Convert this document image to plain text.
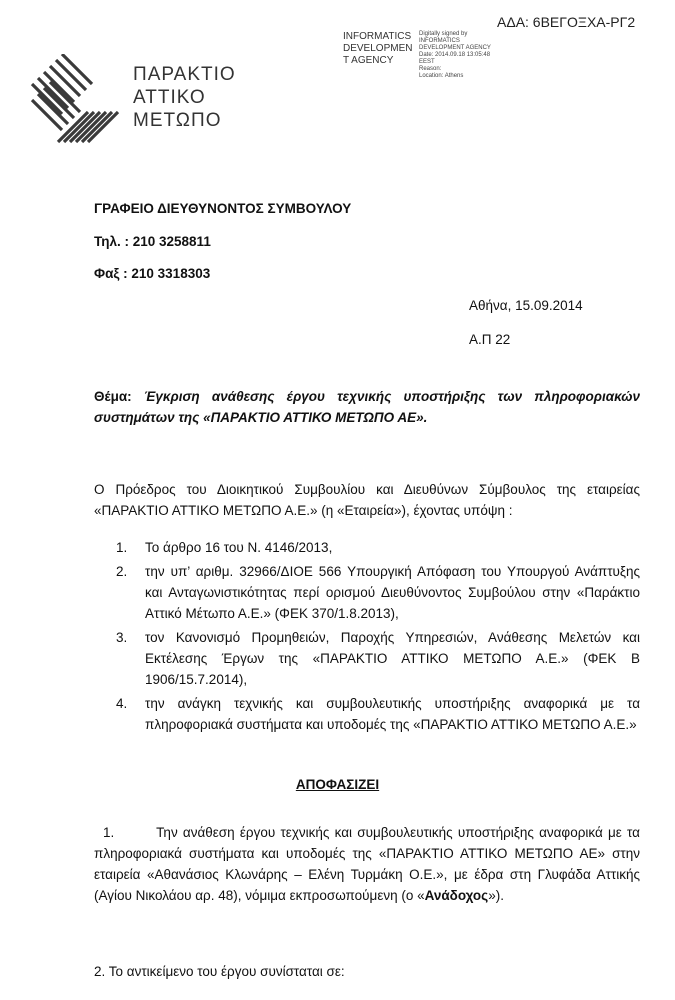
ΑΔΑ: 6ΒΕΓΟΞΧΑ-ΡΓ2
INFORMATICS
DEVELOPMEN
T AGENCY
Digitally signed by
INFORMATICS
DEVELOPMENT AGENCY
Date: 2014.09.18 13:05:48
EEST
Reason:
Location: Athens
ΠΑΡΑΚΤΙΟ
ΑΤΤΙΚΟ
ΜΕΤΩΠΟ
ΓΡΑΦΕΙΟ ΔΙΕΥΘΥΝΟΝΤΟΣ ΣΥΜΒΟΥΛΟΥ
Τηλ. : 210 3258811
Φαξ : 210 3318303
Αθήνα, 15.09.2014
Α.Π 22
Θέμα: Έγκριση ανάθεσης έργου τεχνικής υποστήριξης των πληροφοριακών συστημάτων της «ΠΑΡΑΚΤΙΟ ΑΤΤΙΚΟ ΜΕΤΩΠΟ ΑΕ».
Ο Πρόεδρος του Διοικητικού Συμβουλίου και Διευθύνων Σύμβουλος της εταιρείας «ΠΑΡΑΚΤΙΟ ΑΤΤΙΚΟ ΜΕΤΩΠΟ Α.Ε.» (η «Εταιρεία»), έχοντας υπόψη :
1. Το άρθρο 16 του Ν. 4146/2013,
2. την υπ’ αριθμ. 32966/ΔΙΟΕ 566 Υπουργική Απόφαση του Υπουργού Ανάπτυξης και Ανταγωνιστικότητας περί ορισμού Διευθύνοντος Συμβούλου στην «Παράκτιο Αττικό Μέτωπο Α.Ε.» (ΦΕΚ 370/1.8.2013),
3. τον Κανονισμό Προμηθειών, Παροχής Υπηρεσιών, Ανάθεσης Μελετών και Εκτέλεσης Έργων της «ΠΑΡΑΚΤΙΟ ΑΤΤΙΚΟ ΜΕΤΩΠΟ Α.Ε.» (ΦΕΚ Β 1906/15.7.2014),
4. την ανάγκη τεχνικής και συμβουλευτικής υποστήριξης αναφορικά με τα πληροφοριακά συστήματα και υποδομές της «ΠΑΡΑΚΤΙΟ ΑΤΤΙΚΟ ΜΕΤΩΠΟ Α.Ε.»
ΑΠΟΦΑΣΙΖΕΙ
1.	Την ανάθεση έργου τεχνικής και συμβουλευτικής υποστήριξης αναφορικά με τα πληροφοριακά συστήματα και υποδομές της «ΠΑΡΑΚΤΙΟ ΑΤΤΙΚΟ ΜΕΤΩΠΟ ΑΕ» στην εταιρεία «Αθανάσιος Κλωνάρης – Ελένη Τυρμάκη Ο.Ε.», με έδρα στη Γλυφάδα Αττικής (Αγίου Νικολάου αρ. 48), νόμιμα εκπροσωπούμενη (ο «Ανάδοχος»).
2. Το αντικείμενο του έργου συνίσταται σε:
